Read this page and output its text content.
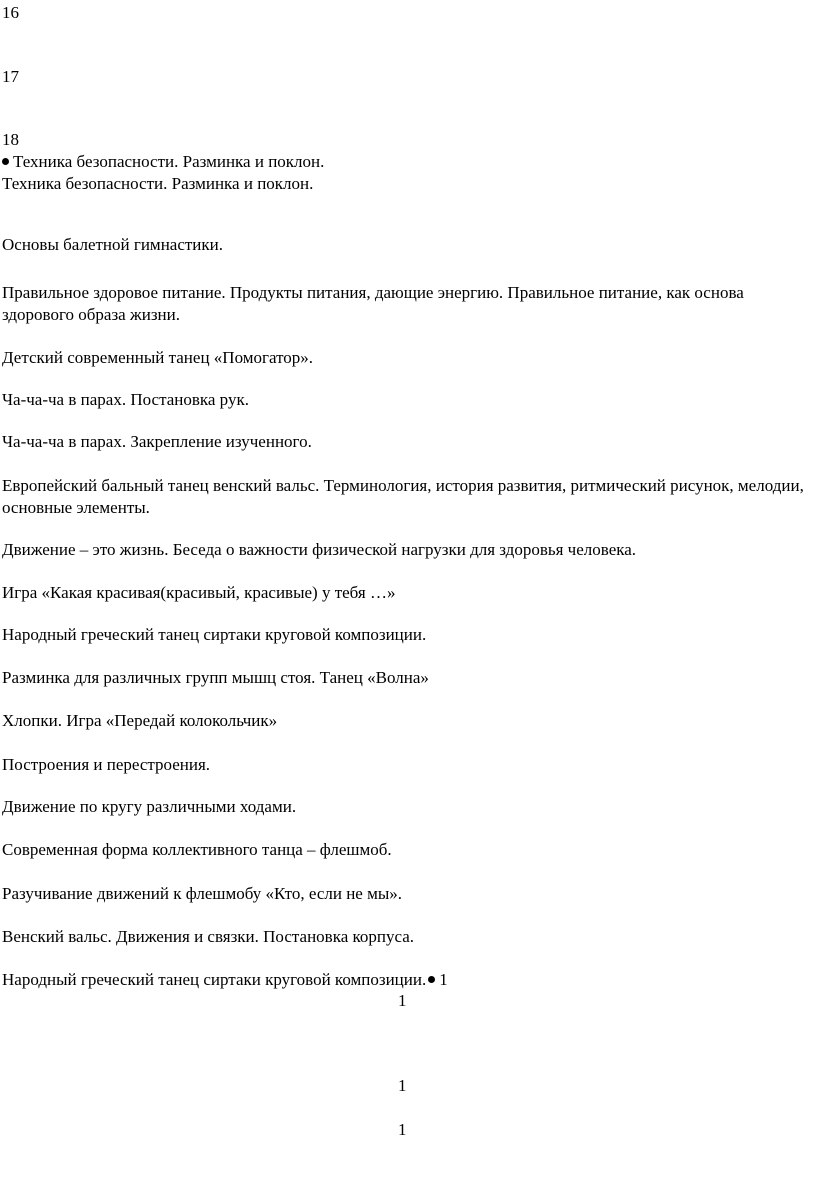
16

17

18

Техника безопасности. Разминка и поклон.

Техника безопасности. Разминка и поклон.

Основы балетной гимнастики.

Правильное здоровое питание. Продукты питания, дающие энергию. Правильное питание, как основа здорового образа жизни.

Детский современный танец «Помогатор».

Ча-ча-ча в парах. Постановка рук.

Ча-ча-ча в парах. Закрепление изученного.

Европейский бальный танец венский вальс. Терминология, история развития, ритмический рисунок, мелодии, основные элементы.

Движение – это жизнь. Беседа о важности физической нагрузки для здоровья человека.

Игра «Какая красивая(красивый, красивые) у тебя …»

Народный греческий танец сиртаки круговой композиции.

Разминка для различных групп мышц стоя. Танец «Волна»

Хлопки. Игра «Передай колокольчик»

Построения и перестроения.

Движение по кругу различными ходами.

Современная форма коллективного танца – флешмоб.

Разучивание движений к флешмобу «Кто, если не мы».

Венский вальс. Движения и связки. Постановка корпуса.

Народный греческий танец сиртаки круговой композиции. 1

1

1

1
